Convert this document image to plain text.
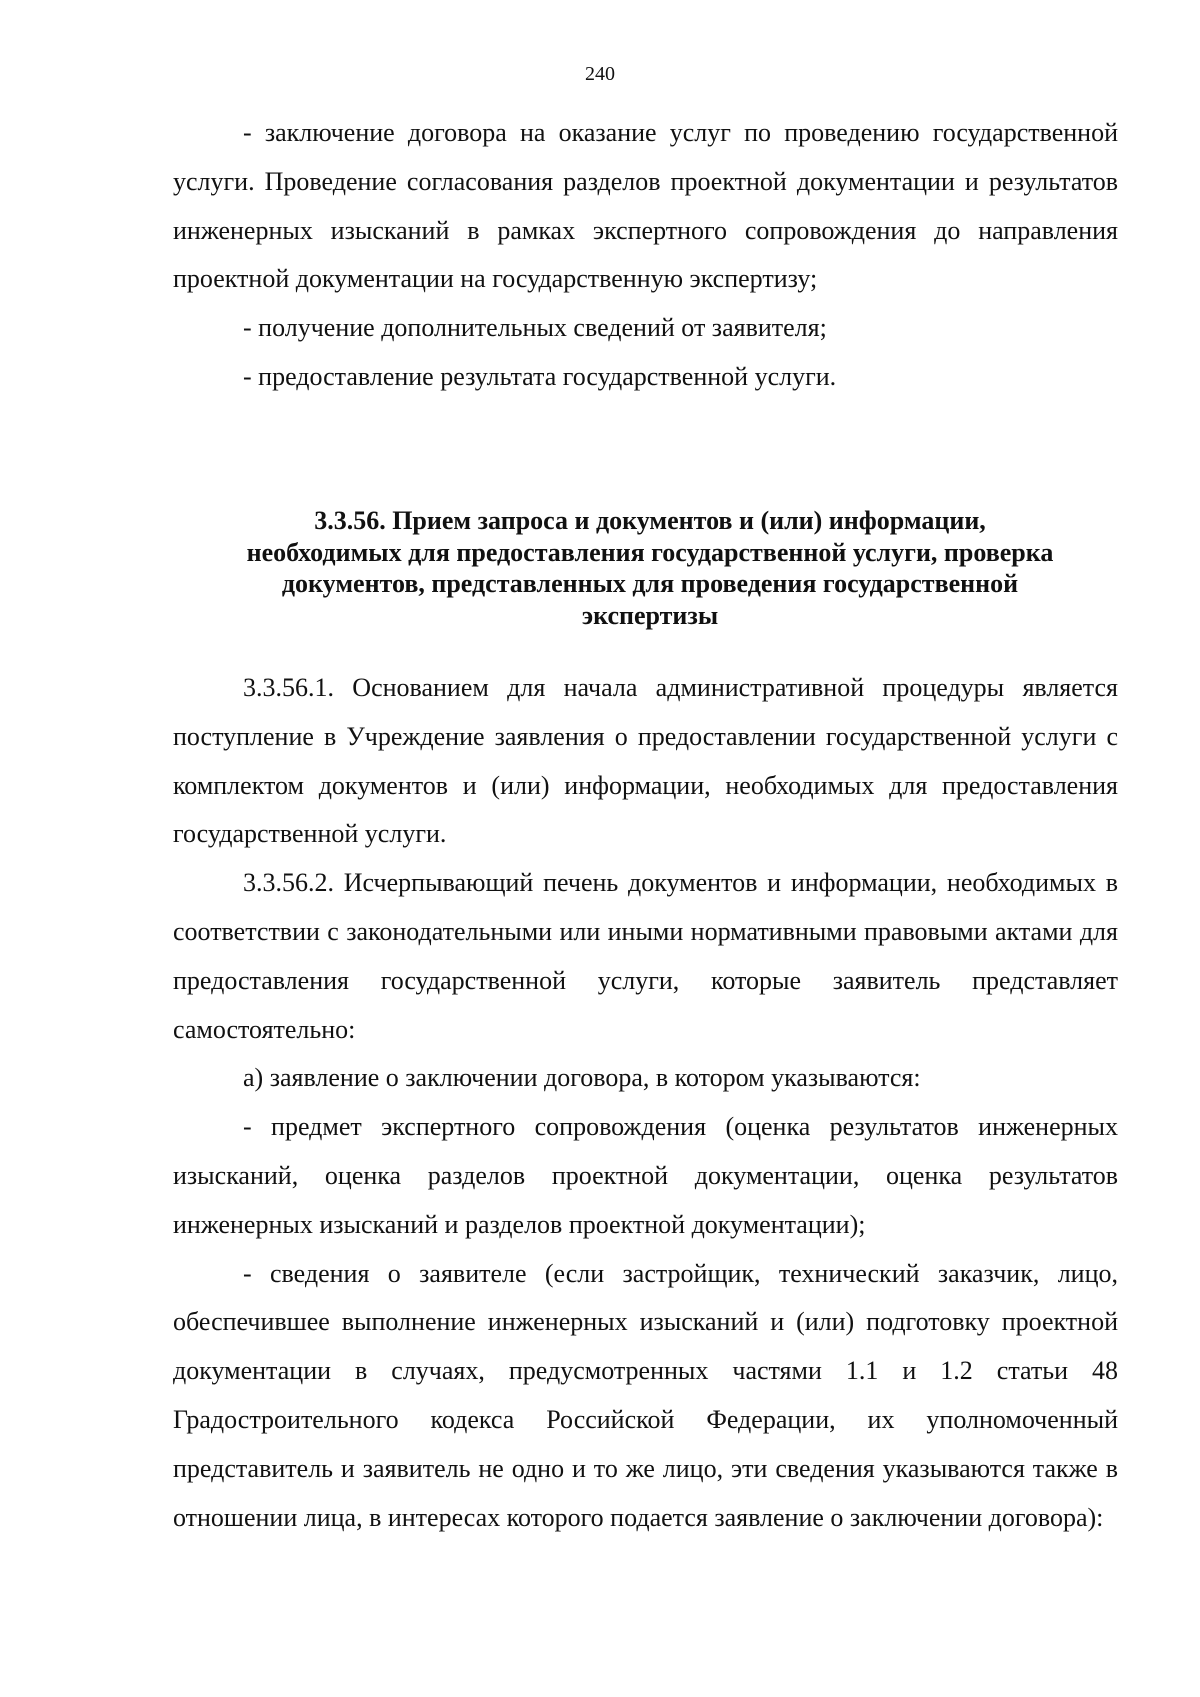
240

- заключение договора на оказание услуг по проведению государственной услуги. Проведение согласования разделов проектной документации и результатов инженерных изысканий в рамках экспертного сопровождения до направления проектной документации на государственную экспертизу;

- получение дополнительных сведений от заявителя;

- предоставление результата государственной услуги.

3.3.56. Прием запроса и документов и (или) информации,
необходимых для предоставления государственной услуги, проверка
документов, представленных для проведения государственной
экспертизы

3.3.56.1. Основанием для начала административной процедуры является поступление в Учреждение заявления о предоставлении государственной услуги с комплектом документов и (или) информации, необходимых для предоставления государственной услуги.

3.3.56.2. Исчерпывающий печень документов и информации, необходимых в соответствии с законодательными или иными нормативными правовыми актами для предоставления государственной услуги, которые заявитель представляет самостоятельно:

а) заявление о заключении договора, в котором указываются:

- предмет экспертного сопровождения (оценка результатов инженерных изысканий, оценка разделов проектной документации, оценка результатов инженерных изысканий и разделов проектной документации);

- сведения о заявителе (если застройщик, технический заказчик, лицо, обеспечившее выполнение инженерных изысканий и (или) подготовку проектной документации в случаях, предусмотренных частями 1.1 и 1.2 статьи 48 Градостроительного кодекса Российской Федерации, их уполномоченный представитель и заявитель не одно и то же лицо, эти сведения указываются также в отношении лица, в интересах которого подается заявление о заключении договора):
